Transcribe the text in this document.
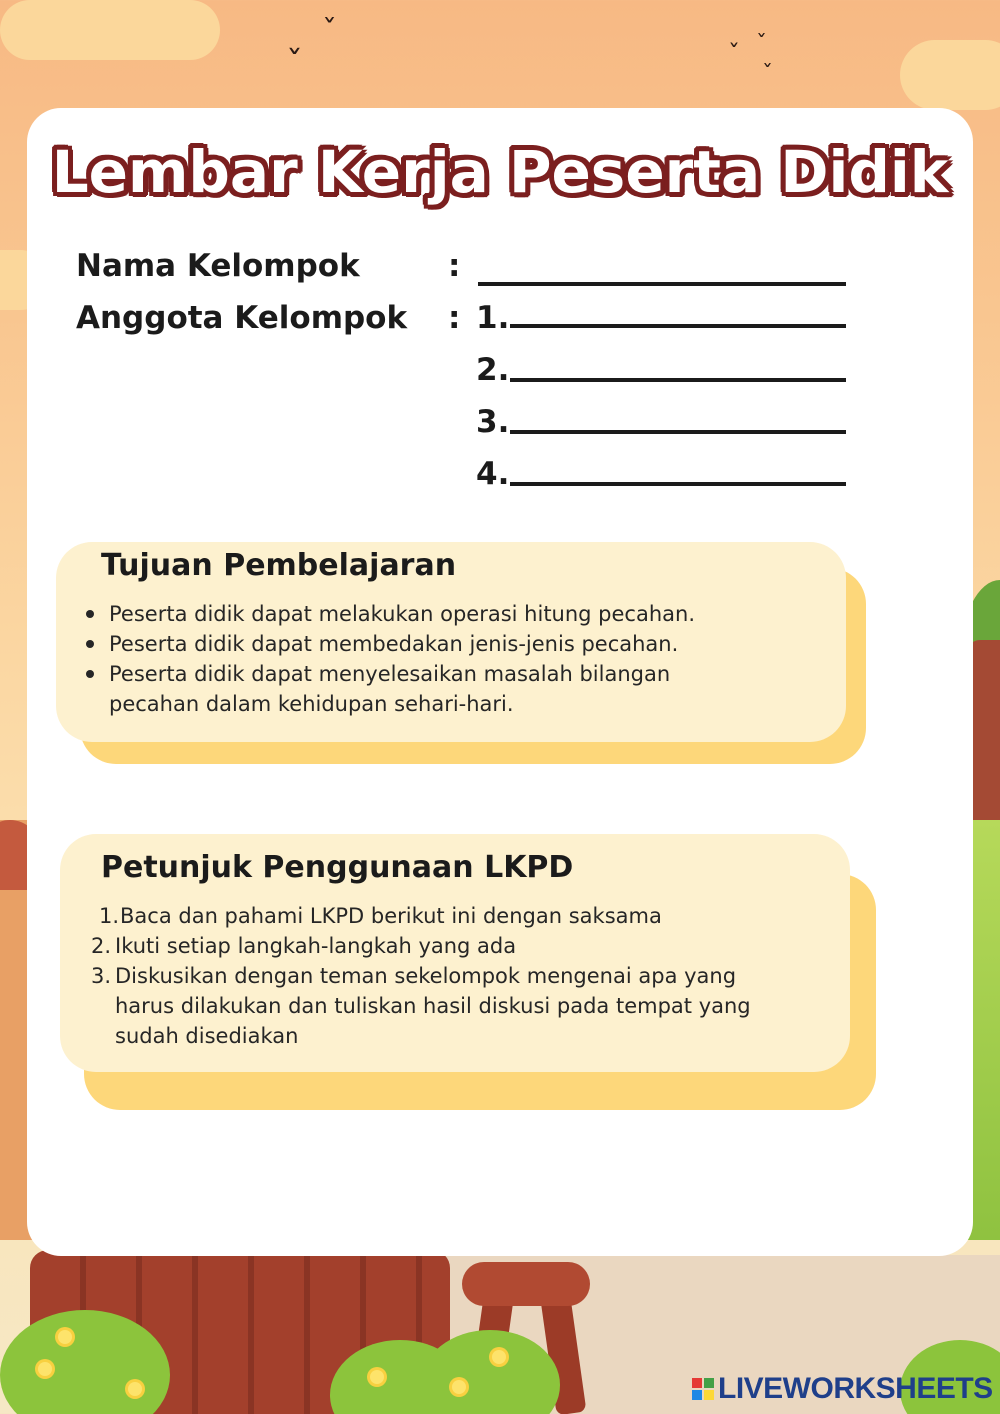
ˇ
ˇ	ˇ ˇ
ˇ
Lembar Kerja Peserta Didik
Nama Kelompok	:
Anggota Kelompok : 1.
2.
3.
4.
Tujuan Pembelajaran
Peserta didik dapat melakukan operasi hitung pecahan.
Peserta didik dapat membedakan jenis-jenis pecahan.
Peserta didik dapat menyelesaikan masalah bilangan
pecahan dalam kehidupan sehari-hari.
Petunjuk Penggunaan LKPD
1. Baca dan pahami LKPD berikut ini dengan saksama
2. Ikuti setiap langkah-langkah yang ada
3. Diskusikan dengan teman sekelompok mengenai apa yang
harus dilakukan dan tuliskan hasil diskusi pada tempat yang
sudah disediakan
LIVEWORKSHEETS
